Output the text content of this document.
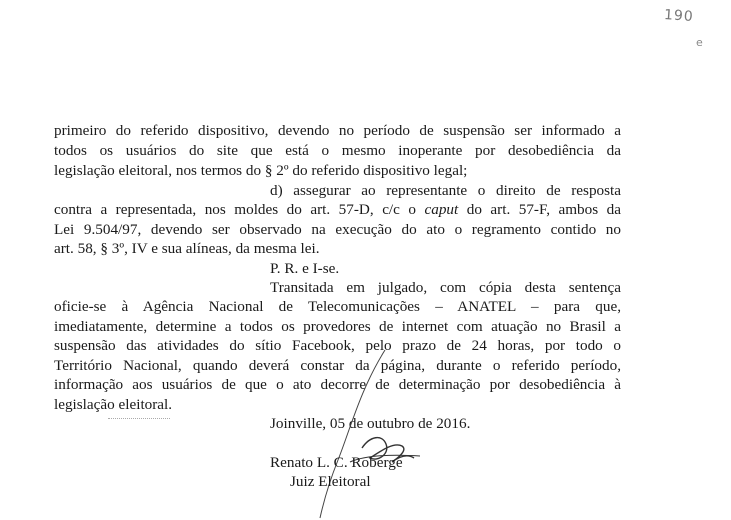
190
e
primeiro do referido dispositivo, devendo no período de suspensão ser informado a
todos os usuários do site que está o mesmo inoperante por desobediência da
legislação eleitoral, nos termos do § 2º do referido dispositivo legal;
d) assegurar ao representante o direito de resposta
contra a representada, nos moldes do art. 57-D, c/c o caput do art. 57-F, ambos da
Lei 9.504/97, devendo ser observado na execução do ato o regramento contido no
art. 58, § 3º, IV e sua alíneas, da mesma lei.
P. R. e I-se.
Transitada em julgado, com cópia desta sentença
oficie-se à Agência Nacional de Telecomunicações – ANATEL – para que,
imediatamente, determine a todos os provedores de internet com atuação no Brasil a
suspensão das atividades do sítio Facebook, pelo prazo de 24 horas, por todo o
Território Nacional, quando deverá constar da página, durante o referido período,
informação aos usuários de que o ato decorre de determinação por desobediência à
legislação eleitoral.
Joinville, 05 de outubro de 2016.
Renato L. C. Roberge
Juiz Eleitoral
